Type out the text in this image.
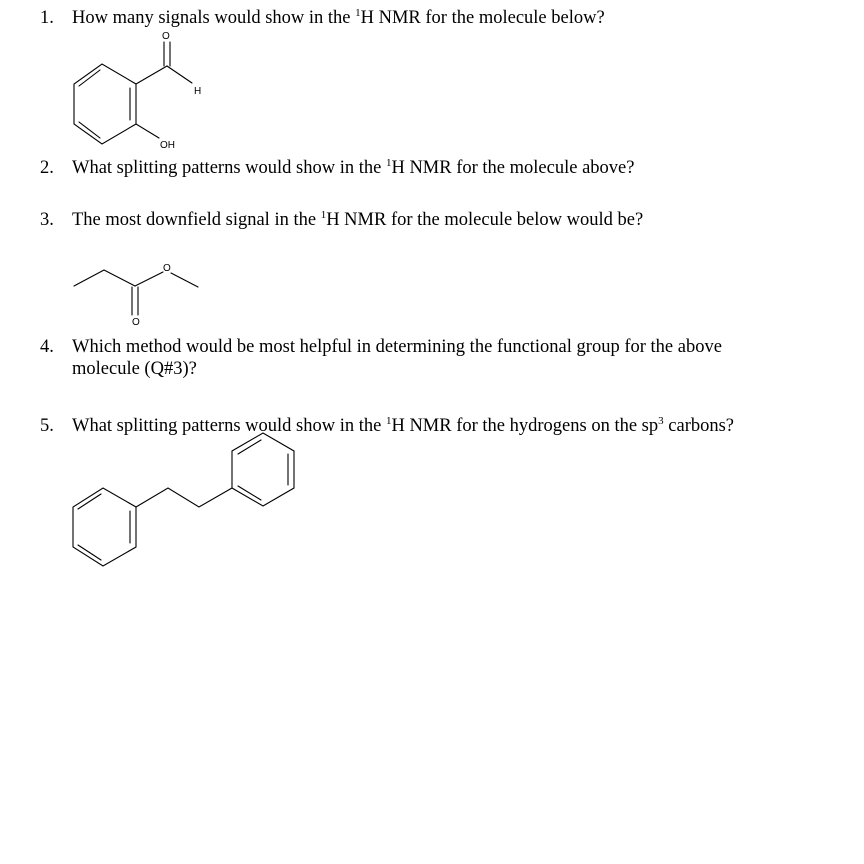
1. How many signals would show in the $^1$H NMR for the molecule below?
O
H
OH
2. What splitting patterns would show in the $^1$H NMR for the molecule above?
3. The most downfield signal in the $^1$H NMR for the molecule below would be?
O
O
4. Which method would be most helpful in determining the functional group for the above
molecule (Q#3)?
5. What splitting patterns would show in the $^1$H NMR for the hydrogens on the $sp^3$ carbons?
